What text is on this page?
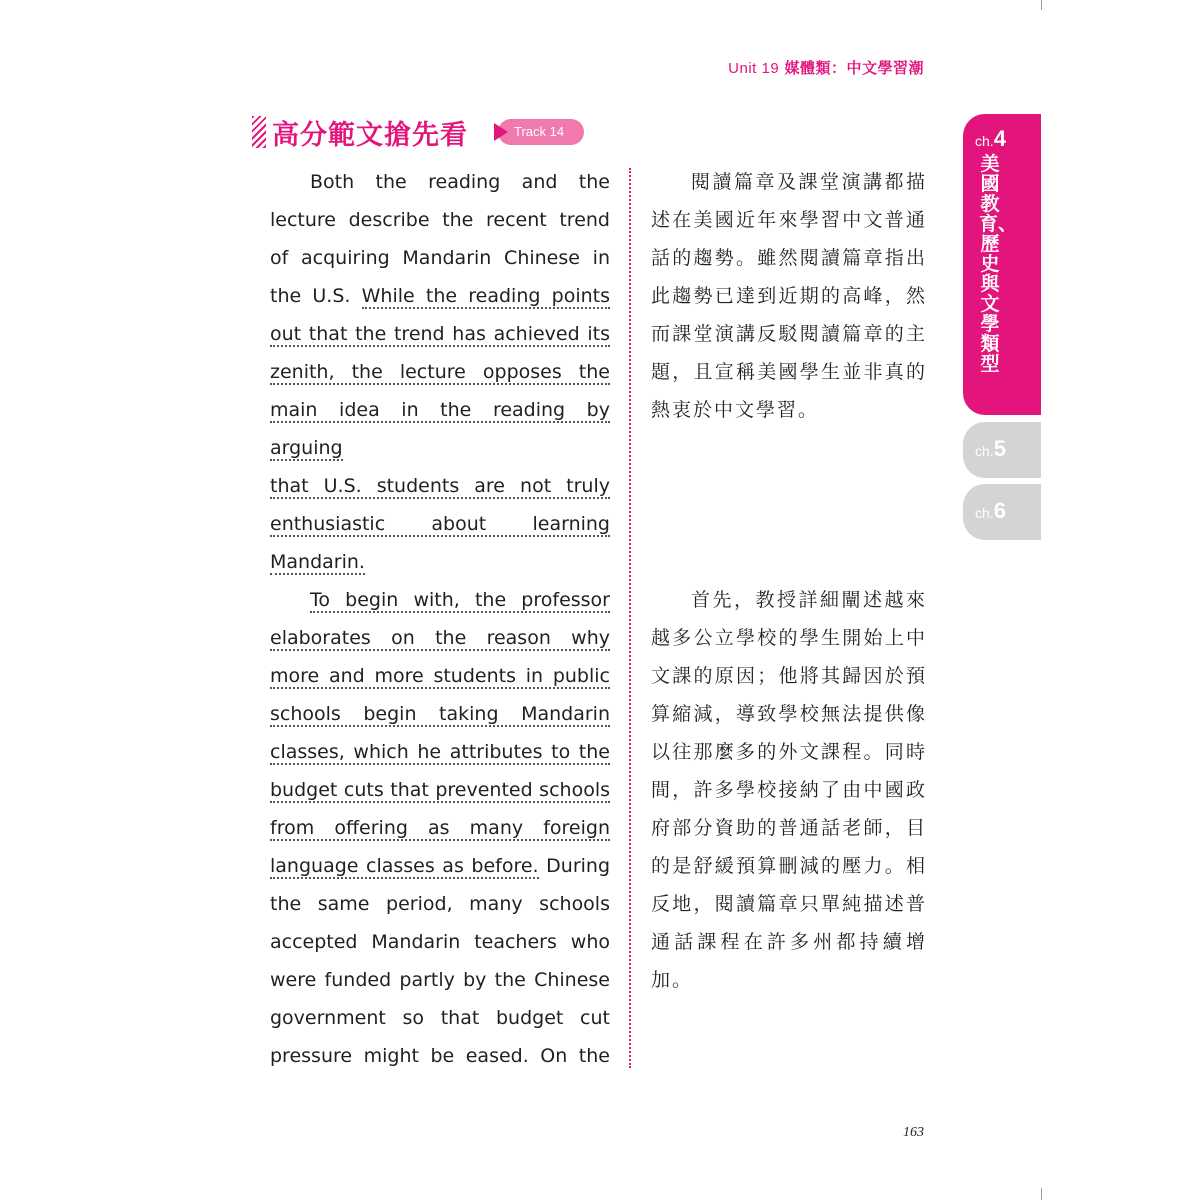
Unit 19 媒體類：中文學習潮
高分範文搶先看	Track 14
Both the reading and the
lecture describe the recent trend
of acquiring Mandarin Chinese in
the U.S. While the reading points
out that the trend has achieved its
zenith, the lecture opposes the
main idea in the reading by arguing
that U.S. students are not truly
enthusiastic about learning
Mandarin.
閱讀篇章及課堂演講都描
述在美國近年來學習中文普通
話的趨勢。雖然閱讀篇章指出
此趨勢已達到近期的高峰，然
而課堂演講反駁閱讀篇章的主
題，且宣稱美國學生並非真的
熱衷於中文學習。
To begin with, the professor
elaborates on the reason why
more and more students in public
schools begin taking Mandarin
classes, which he attributes to the
budget cuts that prevented schools
from offering as many foreign
language classes as before. During
the same period, many schools
accepted Mandarin teachers who
were funded partly by the Chinese
government so that budget cut
pressure might be eased. On the
首先，教授詳細闡述越來
越多公立學校的學生開始上中
文課的原因；他將其歸因於預
算縮減，導致學校無法提供像
以往那麼多的外文課程。同時
間，許多學校接納了由中國政
府部分資助的普通話老師，目
的是舒緩預算刪減的壓力。相
反地，閱讀篇章只單純描述普
通話課程在許多州都持續增
加。
ch.4
美國教育、歷史與文學類型
ch.5
ch.6
163
